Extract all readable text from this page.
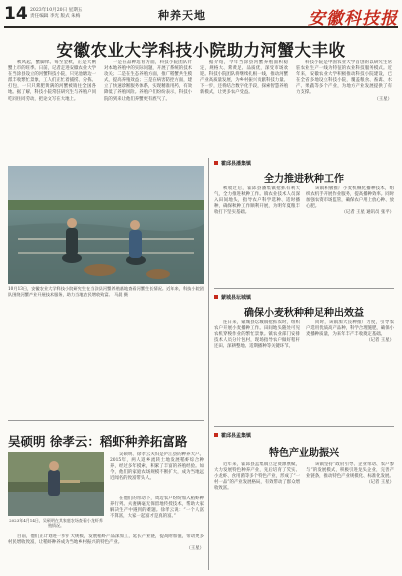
14 2023年10月20日 星期五
责任编辑 李光 版式 朱梅	种养天地	安徽科技报
安徽农业大学科技小院助力河蟹大丰收

秋风起，蟹脚痒。每至金秋，正是大闸蟹上市的旺季。日前，记者走进安徽农业大学在当涂县设立的河蟹科技小院，只见池塘边一派丰收繁忙景象，工人们正忙着捕捞、分拣、打包，一只只膏肥黄满的河蟹被销往全国各地。据了解，科技小院常驻研究生与养殖户同吃同住同劳动，把论文写在大地上。

一是在品种选育方面，科技小院团队针对本地养殖中的实际问题，开展了系统的技术攻关；二是在生态养殖方面，推广稻蟹共生模式，提高养殖效益；三是在病害防控方面，建立了快速诊断服务体系，实现精准用药，有效降低了养殖风险。养殖户们纷纷表示，科技小院的到来让他们养蟹更有底气了。

据介绍，今年当涂县河蟹养殖面积稳定，规格大、膏黄足、品质优，深受市场欢迎。科技小院团队将继续扎根一线，推动河蟹产业高质量发展，为乡村振兴贡献科技力量。下一步，还将结合数字化手段，探索智慧养殖新模式，让更多农户受益。

科技小院是中国农业大学首创的以研究生常驻农业生产一线为特征的农业科技服务模式。近年来，安徽农业大学积极推动科技小院建设，已在全省多地设立科技小院，覆盖粮食、畜禽、水产、果蔬等多个产业，为地方产业发展提供了有力支撑。

（王星）
10月13日，安徽农业大学科技小院研究生在当涂县河蟹养殖基地查看河蟹生长情况。近年来，科技小院团队围绕河蟹产业开展技术服务，助力当地农民增收致富。 马晨 摄
吴硕明 徐孝云：稻虾种养拓富路
2023年4月14日，吴硕明在其家庭农场查看小龙虾养殖情况。

吴硕明、徐孝云夫妇是庐江县的种养大户。2015年，两人返乡流转土地发展稻虾综合种养，经过多年摸索，积累了丰富的养殖经验。如今，他们的家庭农场规模不断扩大，成为当地远近闻名的致富带头人。

在他们的带动下，周边农户纷纷加入稻虾种养行列。夫妻俩毫无保留地传授技术，帮助大家解决生产中遇到的难题。徐孝云说：“一个人富不算富，大家一起富才是真的富。”

目前，他们正计划进一步扩大规模，发展稻虾产品深加工，延长产业链，提高附加值，带动更多村民增收致富，让稻虾种养成为当地乡村振兴的特色产业。

（王星）
霍邱县潘集镇
全力推进秋种工作

秋收过后，霍邱县潘集镇抢抓有利天气，全力推进秋种工作。镇农业技术人员深入田间地头，指导农户科学选种、适时播种，确保秋种工作顺利开展，为明年夏粮丰收打下坚实基础。

该镇积极推广小麦机械化播种技术，组织农机手开展作业服务，提高播种效率。同时加强农资市场监管，确保农户用上放心种、放心肥。

（记者 王星 通讯员 张平）
蒙城县坛城镇
确保小麦秋种种足种出效益

连日来，蒙城县坛城镇抢抓农时，组织农户开展小麦播种工作。田间地头随处可见农机穿梭作业的繁忙景象。镇农业部门安排技术人员分片包村，现场指导农户做好秸秆还田、深耕整地、适期播种等关键环节。

同时，该镇加大良种推广力度，引导农户选用优质高产品种，科学合理施肥，确保小麦播种质量，为来年丰产丰收奠定基础。

（记者 王星）
霍邱县孟集镇
特色产业助振兴

近年来，霍邱县孟集镇立足资源禀赋，大力发展特色种养产业，先后培育了芡实、小龙虾、食用菌等多个特色产业，形成了“一村一品”的产业发展格局，有效带动了群众增收致富。

该镇坚持“政府引导、企业带动、农户参与”的发展模式，积极引进龙头企业，完善产业链条，推动特色产业规模化、标准化发展。

（记者 王星）
